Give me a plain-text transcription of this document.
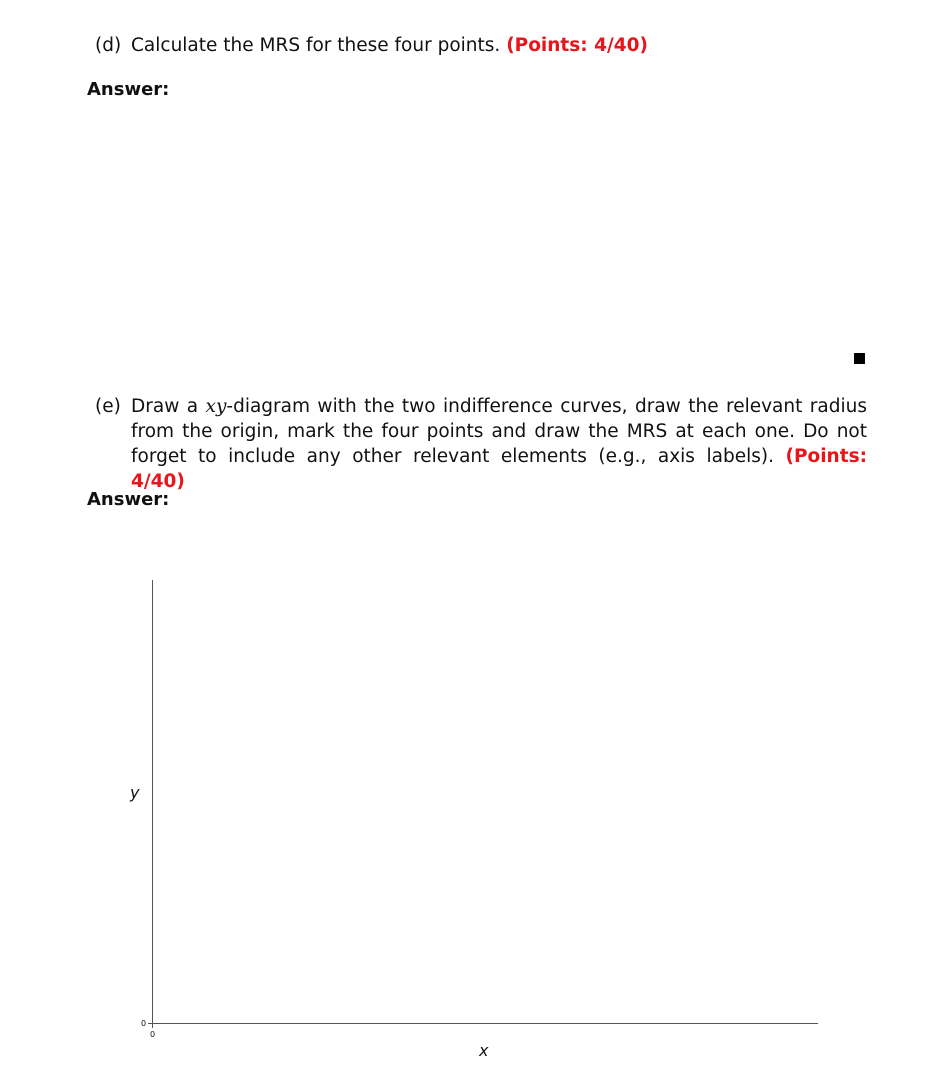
(d) Calculate the MRS for these four points. (Points: 4/40)
Answer:
(e) Draw a xy-diagram with the two indifference curves, draw the relevant radius from the origin, mark the four points and draw the MRS at each one. Do not forget to include any other relevant elements (e.g., axis labels). (Points: 4/40)
Answer:
0
0
y
x
